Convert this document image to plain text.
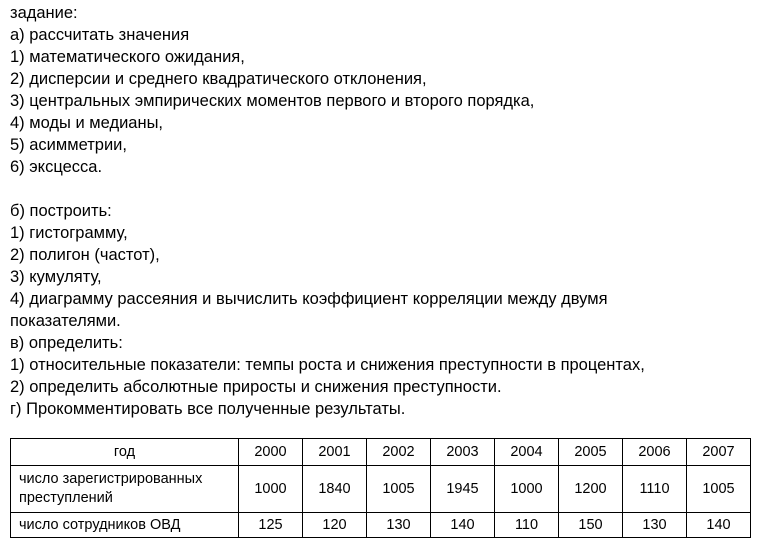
задание:
а) рассчитать значения
1) математического ожидания,
2) дисперсии и среднего квадратического отклонения,
3) центральных эмпирических моментов первого и второго порядка,
4) моды и медианы,
5) асимметрии,
6) эксцесса.
б) построить:
1) гистограмму,
2) полигон (частот),
3) кумуляту,
4) диаграмму рассеяния и вычислить коэффициент корреляции между двумя показателями.
в) определить:
1) относительные показатели: темпы роста и снижения преступности в процентах,
2) определить абсолютные приросты и снижения преступности.
г) Прокомментировать все полученные результаты.
год	2000	2001	2002	2003	2004	2005	2006	2007
число зарегистрированных преступлений	1000	1840	1005	1945	1000	1200	1110	1005
число сотрудников ОВД	125	120	130	140	110	150	130	140
